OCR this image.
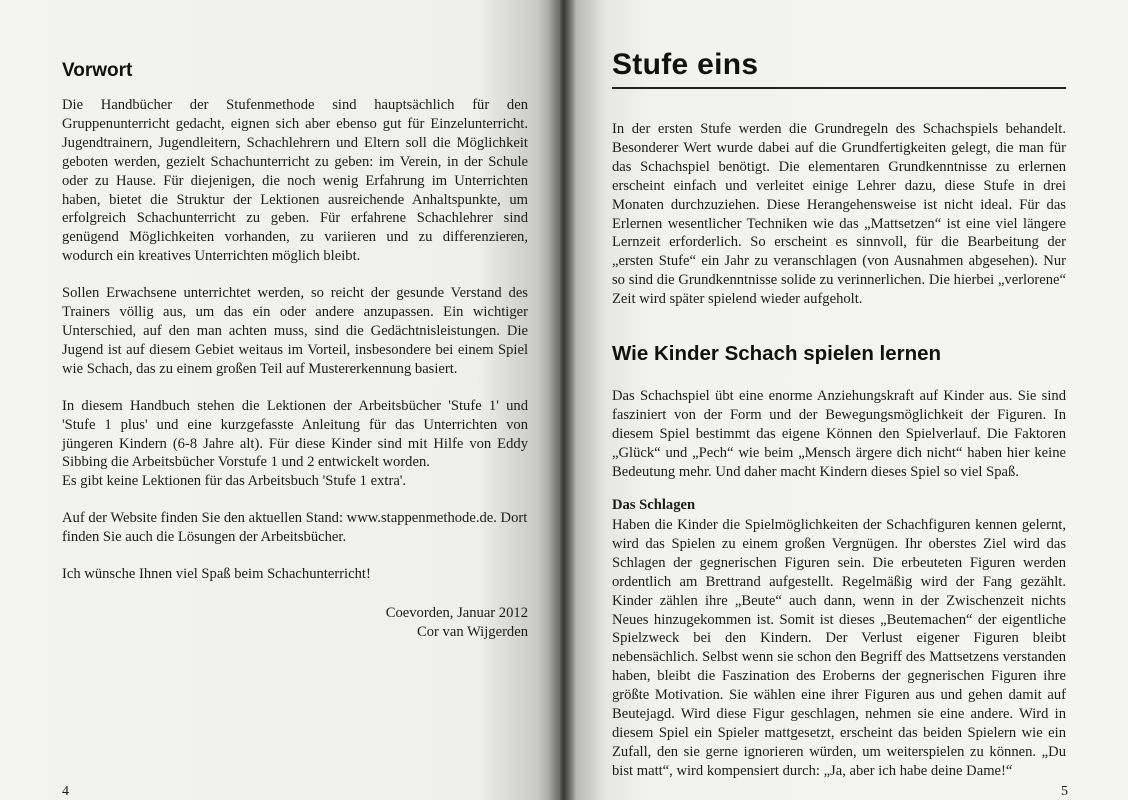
Vorwort

Die Handbücher der Stufenmethode sind hauptsächlich für den Gruppenunterricht gedacht, eignen sich aber ebenso gut für Einzelunterricht. Jugendtrainern, Jugendleitern, Schachlehrern und Eltern soll die Möglichkeit geboten werden, gezielt Schachunterricht zu geben: im Verein, in der Schule oder zu Hause. Für diejenigen, die noch wenig Erfahrung im Unterrichten haben, bietet die Struktur der Lektionen ausreichende Anhaltspunkte, um erfolgreich Schachunterricht zu geben. Für erfahrene Schachlehrer sind genügend Möglichkeiten vorhanden, zu variieren und zu differenzieren, wodurch ein kreatives Unterrichten möglich bleibt.

Sollen Erwachsene unterrichtet werden, so reicht der gesunde Verstand des Trainers völlig aus, um das ein oder andere anzupassen. Ein wichtiger Unterschied, auf den man achten muss, sind die Gedächtnisleistungen. Die Jugend ist auf diesem Gebiet weitaus im Vorteil, insbesondere bei einem Spiel wie Schach, das zu einem großen Teil auf Mustererkennung basiert.

In diesem Handbuch stehen die Lektionen der Arbeitsbücher 'Stufe 1' und 'Stufe 1 plus' und eine kurzgefasste Anleitung für das Unterrichten von jüngeren Kindern (6-8 Jahre alt). Für diese Kinder sind mit Hilfe von Eddy Sibbing die Arbeitsbücher Vorstufe 1 und 2 entwickelt worden.

Es gibt keine Lektionen für das Arbeitsbuch 'Stufe 1 extra'.

Auf der Website finden Sie den aktuellen Stand: www.stappenmethode.de. Dort finden Sie auch die Lösungen der Arbeitsbücher.

Ich wünsche Ihnen viel Spaß beim Schachunterricht!

Coevorden, Januar 2012
Cor van Wijgerden
4
Stufe eins

In der ersten Stufe werden die Grundregeln des Schachspiels behandelt. Besonderer Wert wurde dabei auf die Grundfertigkeiten gelegt, die man für das Schachspiel benötigt. Die elementaren Grundkenntnisse zu erlernen erscheint einfach und verleitet einige Lehrer dazu, diese Stufe in drei Monaten durchzuziehen. Diese Herangehensweise ist nicht ideal. Für das Erlernen wesentlicher Techniken wie das „Mattsetzen“ ist eine viel längere Lernzeit erforderlich. So erscheint es sinnvoll, für die Bearbeitung der „ersten Stufe“ ein Jahr zu veranschlagen (von Ausnahmen abgesehen). Nur so sind die Grundkenntnisse solide zu verinnerlichen. Die hierbei „verlorene“ Zeit wird später spielend wieder aufgeholt.

Wie Kinder Schach spielen lernen

Das Schachspiel übt eine enorme Anziehungskraft auf Kinder aus. Sie sind fasziniert von der Form und der Bewegungsmöglichkeit der Figuren. In diesem Spiel bestimmt das eigene Können den Spielverlauf. Die Faktoren „Glück“ und „Pech“ wie beim „Mensch ärgere dich nicht“ haben hier keine Bedeutung mehr. Und daher macht Kindern dieses Spiel so viel Spaß.

Das Schlagen

Haben die Kinder die Spielmöglichkeiten der Schachfiguren kennen gelernt, wird das Spielen zu einem großen Vergnügen. Ihr oberstes Ziel wird das Schlagen der gegnerischen Figuren sein. Die erbeuteten Figuren werden ordentlich am Brettrand aufgestellt. Regelmäßig wird der Fang gezählt. Kinder zählen ihre „Beute“ auch dann, wenn in der Zwischenzeit nichts Neues hinzugekommen ist. Somit ist dieses „Beutemachen“ der eigentliche Spielzweck bei den Kindern. Der Verlust eigener Figuren bleibt nebensächlich. Selbst wenn sie schon den Begriff des Mattsetzens verstanden haben, bleibt die Faszination des Eroberns der gegnerischen Figuren ihre größte Motivation. Sie wählen eine ihrer Figuren aus und gehen damit auf Beutejagd. Wird diese Figur geschlagen, nehmen sie eine andere. Wird in diesem Spiel ein Spieler mattgesetzt, erscheint das beiden Spielern wie ein Zufall, den sie gerne ignorieren würden, um weiterspielen zu können. „Du bist matt“, wird kompensiert durch: „Ja, aber ich habe deine Dame!“

5
